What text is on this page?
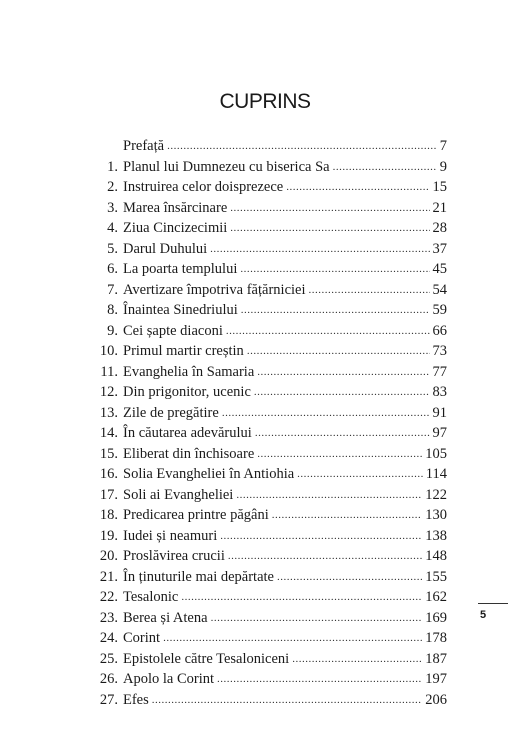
CUPRINS
Prefață .....	7
1. Planul lui Dumnezeu cu biserica Sa .....	9
2. Instruirea celor doisprezece .....	15
3. Marea însărcinare .....	21
4. Ziua Cincizecimii .....	28
5. Darul Duhului .....	37
6. La poarta templului .....	45
7. Avertizare împotriva fățărniciei .....	54
8. Înaintea Sinedriului .....	59
9. Cei șapte diaconi .....	66
10. Primul martir creștin .....	73
11. Evanghelia în Samaria .....	77
12. Din prigonitor, ucenic .....	83
13. Zile de pregătire .....	91
14. În căutarea adevărului .....	97
15. Eliberat din închisoare .....	105
16. Solia Evangheliei în Antiohia .....	114
17. Soli ai Evangheliei .....	122
18. Predicarea printre păgâni .....	130
19. Iudei și neamuri .....	138
20. Proslăvirea crucii .....	148
21. În ținuturile mai depărtate .....	155
22. Tesalonic .....	162
23. Berea și Atena .....	169
24. Corint .....	178
25. Epistolele către Tesaloniceni .....	187
26. Apolo la Corint .....	197
27. Efes .....	206
5
